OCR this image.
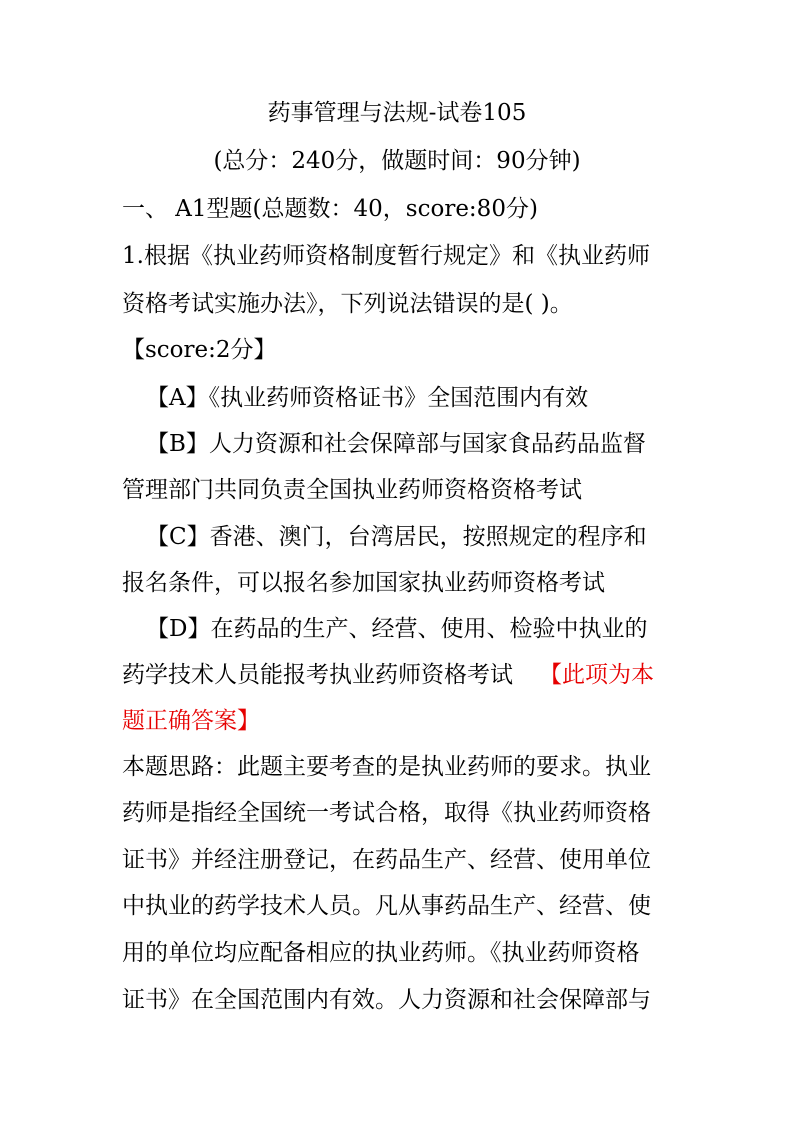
药事管理与法规-试卷105
(总分：240分，做题时间：90分钟)
一、 A1型题(总题数：40，score:80分)
1.根据《执业药师资格制度暂行规定》和《执业药师
资格考试实施办法》，下列说法错误的是( )。
【score:2分】
【A】《执业药师资格证书》全国范围内有效
【B】人力资源和社会保障部与国家食品药品监督
管理部门共同负责全国执业药师资格资格考试
【C】香港、澳门，台湾居民，按照规定的程序和
报名条件，可以报名参加国家执业药师资格考试
【D】在药品的生产、经营、使用、检验中执业的
药学技术人员能报考执业药师资格考试 【此项为本
题正确答案】
本题思路：此题主要考查的是执业药师的要求。执业
药师是指经全国统一考试合格，取得《执业药师资格
证书》并经注册登记，在药品生产、经营、使用单位
中执业的药学技术人员。凡从事药品生产、经营、使
用的单位均应配备相应的执业药师。《执业药师资格
证书》在全国范围内有效。人力资源和社会保障部与
